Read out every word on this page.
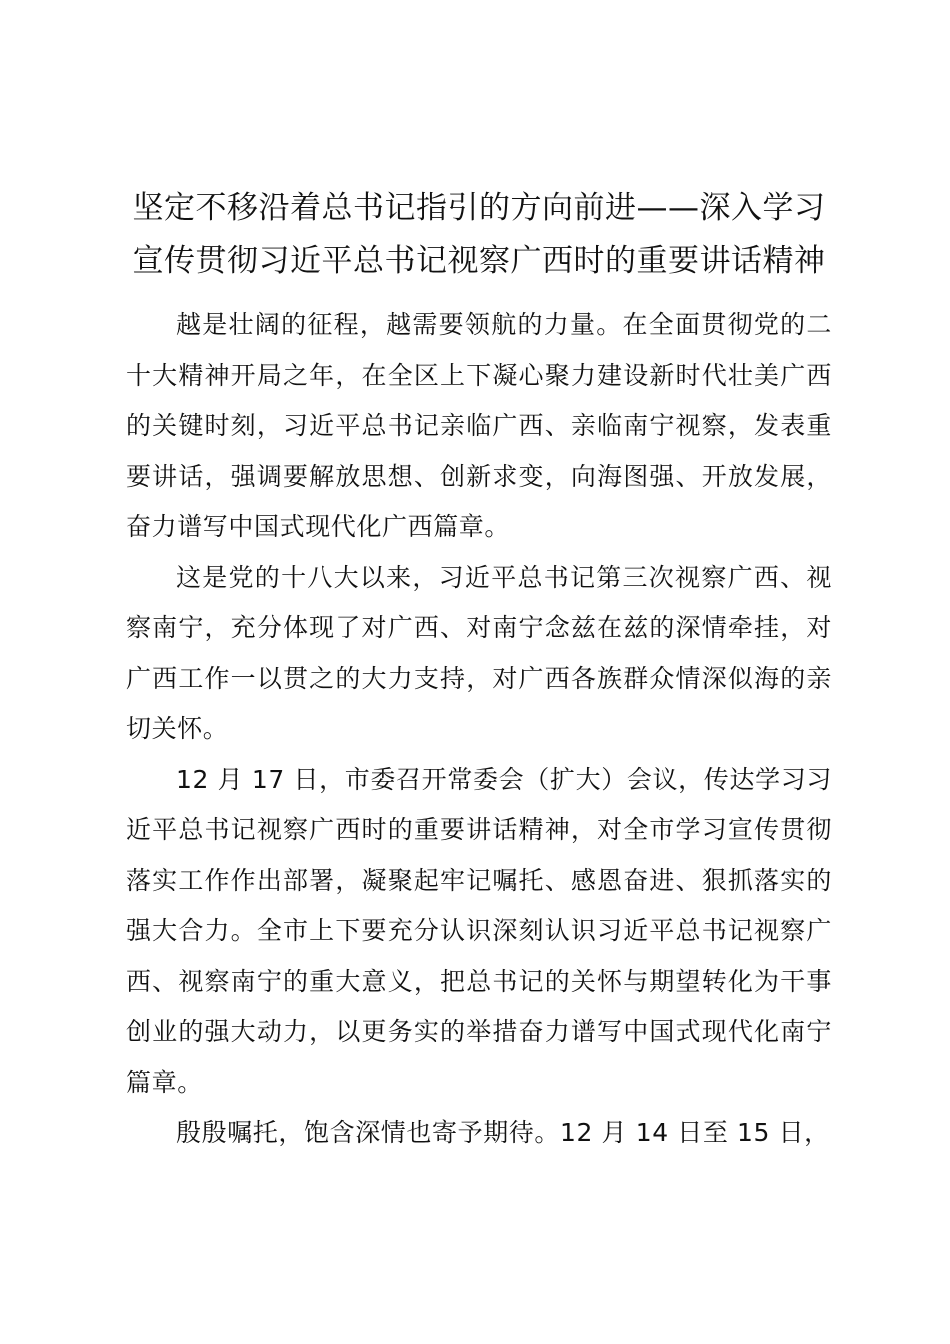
坚定不移沿着总书记指引的方向前进——深入学习宣传贯彻习近平总书记视察广西时的重要讲话精神

越是壮阔的征程，越需要领航的力量。在全面贯彻党的二十大精神开局之年，在全区上下凝心聚力建设新时代壮美广西的关键时刻，习近平总书记亲临广西、亲临南宁视察，发表重要讲话，强调要解放思想、创新求变，向海图强、开放发展，奋力谱写中国式现代化广西篇章。

这是党的十八大以来，习近平总书记第三次视察广西、视察南宁，充分体现了对广西、对南宁念兹在兹的深情牵挂，对广西工作一以贯之的大力支持，对广西各族群众情深似海的亲切关怀。

12 月 17 日，市委召开常委会（扩大）会议，传达学习习近平总书记视察广西时的重要讲话精神，对全市学习宣传贯彻落实工作作出部署，凝聚起牢记嘱托、感恩奋进、狠抓落实的强大合力。全市上下要充分认识深刻认识习近平总书记视察广西、视察南宁的重大意义，把总书记的关怀与期望转化为干事创业的强大动力，以更务实的举措奋力谱写中国式现代化南宁篇章。

殷殷嘱托，饱含深情也寄予期待。12 月 14 日至 15 日，
